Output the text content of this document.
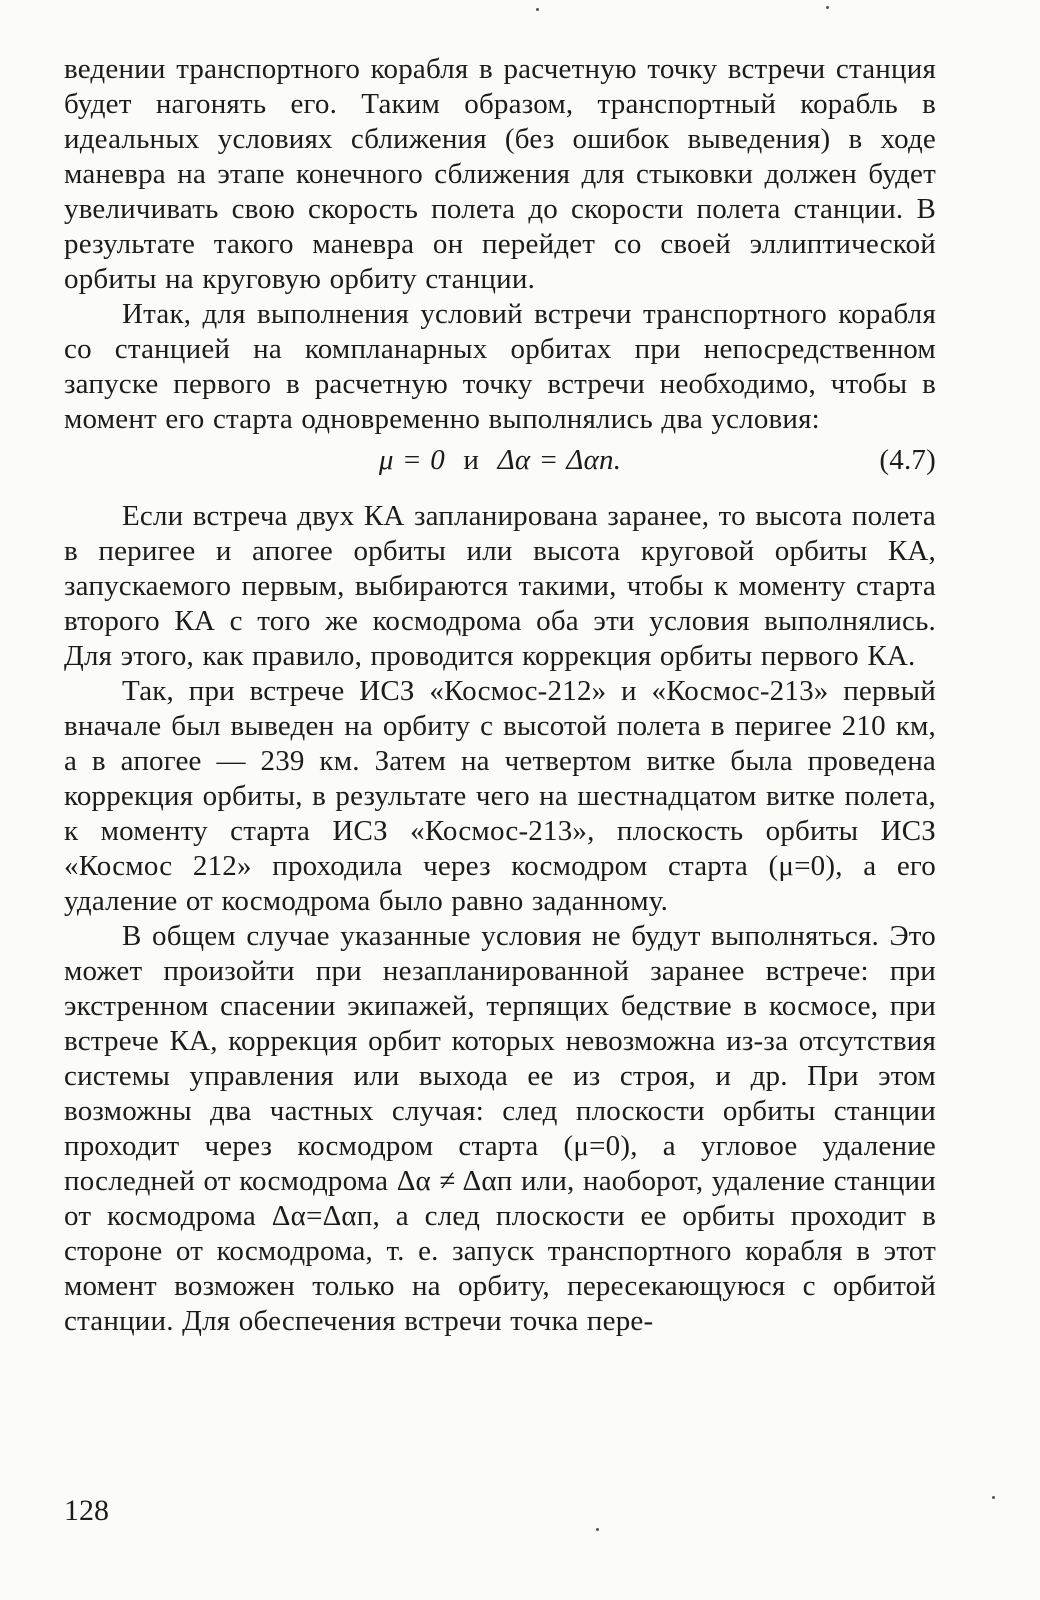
ведении транспортного корабля в расчетную точку встречи станция будет нагонять его. Таким образом, транспортный корабль в идеальных условиях сближения (без ошибок выведения) в ходе маневра на этапе конечного сближения для стыковки должен будет увеличивать свою скорость полета до скорости полета станции. В результате такого маневра он перейдет со своей эллиптической орбиты на круговую орбиту станции.

Итак, для выполнения условий встречи транспортного корабля со станцией на компланарных орбитах при непосредственном запуске первого в расчетную точку встречи необходимо, чтобы в момент его старта одновременно выполнялись два условия:

μ = 0 и Δα = Δαп.	(4.7)

Если встреча двух КА запланирована заранее, то высота полета в перигее и апогее орбиты или высота круговой орбиты КА, запускаемого первым, выбираются такими, чтобы к моменту старта второго КА с того же космодрома оба эти условия выполнялись. Для этого, как правило, проводится коррекция орбиты первого КА.

Так, при встрече ИСЗ «Космос-212» и «Космос-213» первый вначале был выведен на орбиту с высотой полета в перигее 210 км, а в апогее — 239 км. Затем на четвертом витке была проведена коррекция орбиты, в результате чего на шестнадцатом витке полета, к моменту старта ИСЗ «Космос-213», плоскость орбиты ИСЗ «Космос 212» проходила через космодром старта (μ=0), а его удаление от космодрома было равно заданному.

В общем случае указанные условия не будут выполняться. Это может произойти при незапланированной заранее встрече: при экстренном спасении экипажей, терпящих бедствие в космосе, при встрече КА, коррекция орбит которых невозможна из-за отсутствия системы управления или выхода ее из строя, и др. При этом возможны два частных случая: след плоскости орбиты станции проходит через космодром старта (μ=0), а угловое удаление последней от космодрома Δα ≠ Δαп или, наоборот, удаление станции от космодрома Δα=Δαп, а след плоскости ее орбиты проходит в стороне от космодрома, т. е. запуск транспортного корабля в этот момент возможен только на орбиту, пересекающуюся с орбитой станции. Для обеспечения встречи точка пере-

128
